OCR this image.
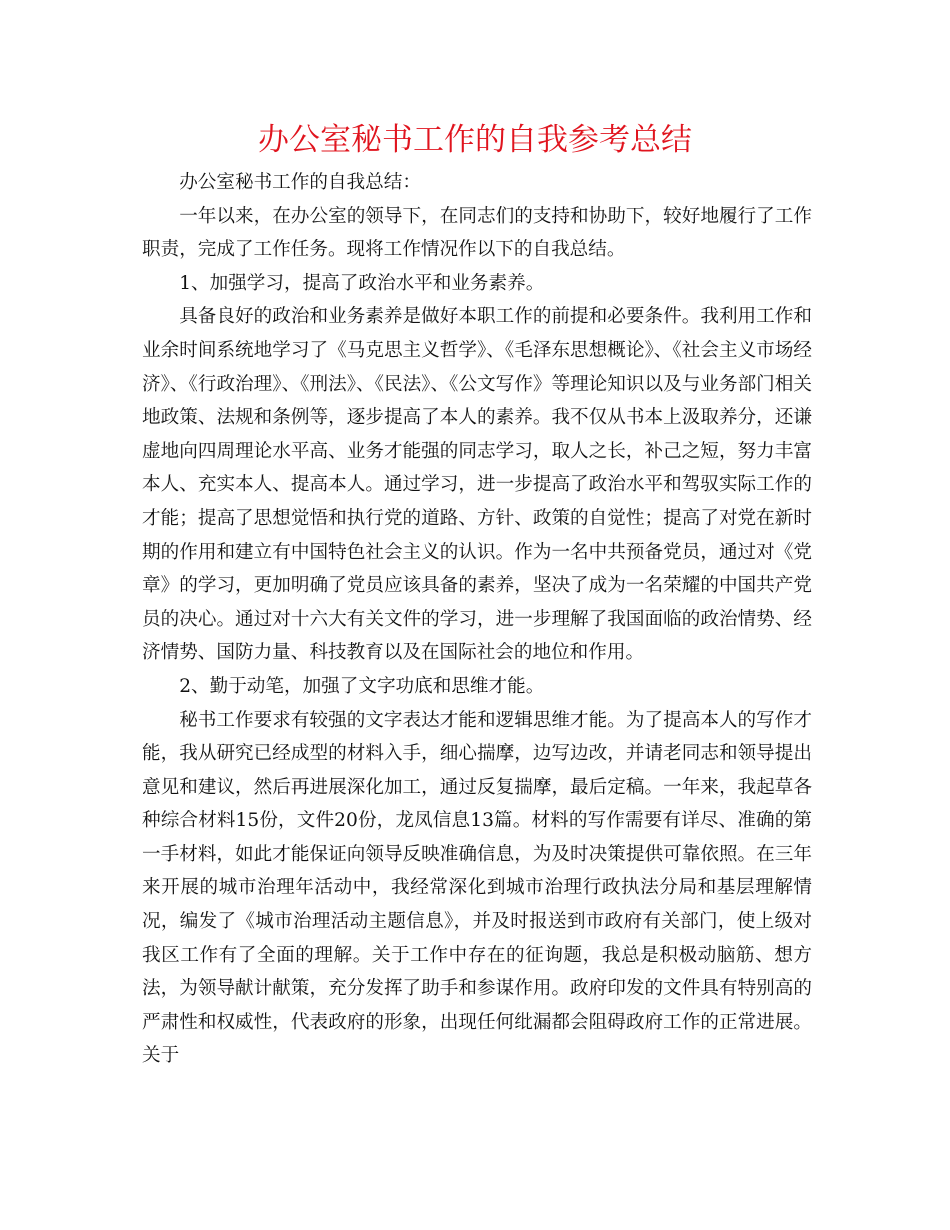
办公室秘书工作的自我参考总结

办公室秘书工作的自我总结：

一年以来，在办公室的领导下，在同志们的支持和协助下，较好地履行了工作职责，完成了工作任务。现将工作情况作以下的自我总结。

1、加强学习，提高了政治水平和业务素养。

具备良好的政治和业务素养是做好本职工作的前提和必要条件。我利用工作和业余时间系统地学习了《马克思主义哲学》、《毛泽东思想概论》、《社会主义市场经济》、《行政治理》、《刑法》、《民法》、《公文写作》等理论知识以及与业务部门相关地政策、法规和条例等，逐步提高了本人的素养。我不仅从书本上汲取养分，还谦虚地向四周理论水平高、业务才能强的同志学习，取人之长，补己之短，努力丰富本人、充实本人、提高本人。通过学习，进一步提高了政治水平和驾驭实际工作的才能；提高了思想觉悟和执行党的道路、方针、政策的自觉性；提高了对党在新时期的作用和建立有中国特色社会主义的认识。作为一名中共预备党员，通过对《党章》的学习，更加明确了党员应该具备的素养，坚决了成为一名荣耀的中国共产党员的决心。通过对十六大有关文件的学习，进一步理解了我国面临的政治情势、经济情势、国防力量、科技教育以及在国际社会的地位和作用。

2、勤于动笔，加强了文字功底和思维才能。

秘书工作要求有较强的文字表达才能和逻辑思维才能。为了提高本人的写作才能，我从研究已经成型的材料入手，细心揣摩，边写边改，并请老同志和领导提出意见和建议，然后再进展深化加工，通过反复揣摩，最后定稿。一年来，我起草各种综合材料15份，文件20份，龙凤信息13篇。材料的写作需要有详尽、准确的第一手材料，如此才能保证向领导反映准确信息，为及时决策提供可靠依照。在三年来开展的城市治理年活动中，我经常深化到城市治理行政执法分局和基层理解情况，编发了《城市治理活动主题信息》，并及时报送到市政府有关部门，使上级对我区工作有了全面的理解。关于工作中存在的征询题，我总是积极动脑筋、想方法，为领导献计献策，充分发挥了助手和参谋作用。政府印发的文件具有特别高的严肃性和权威性，代表政府的形象，出现任何纰漏都会阻碍政府工作的正常进展。关于
